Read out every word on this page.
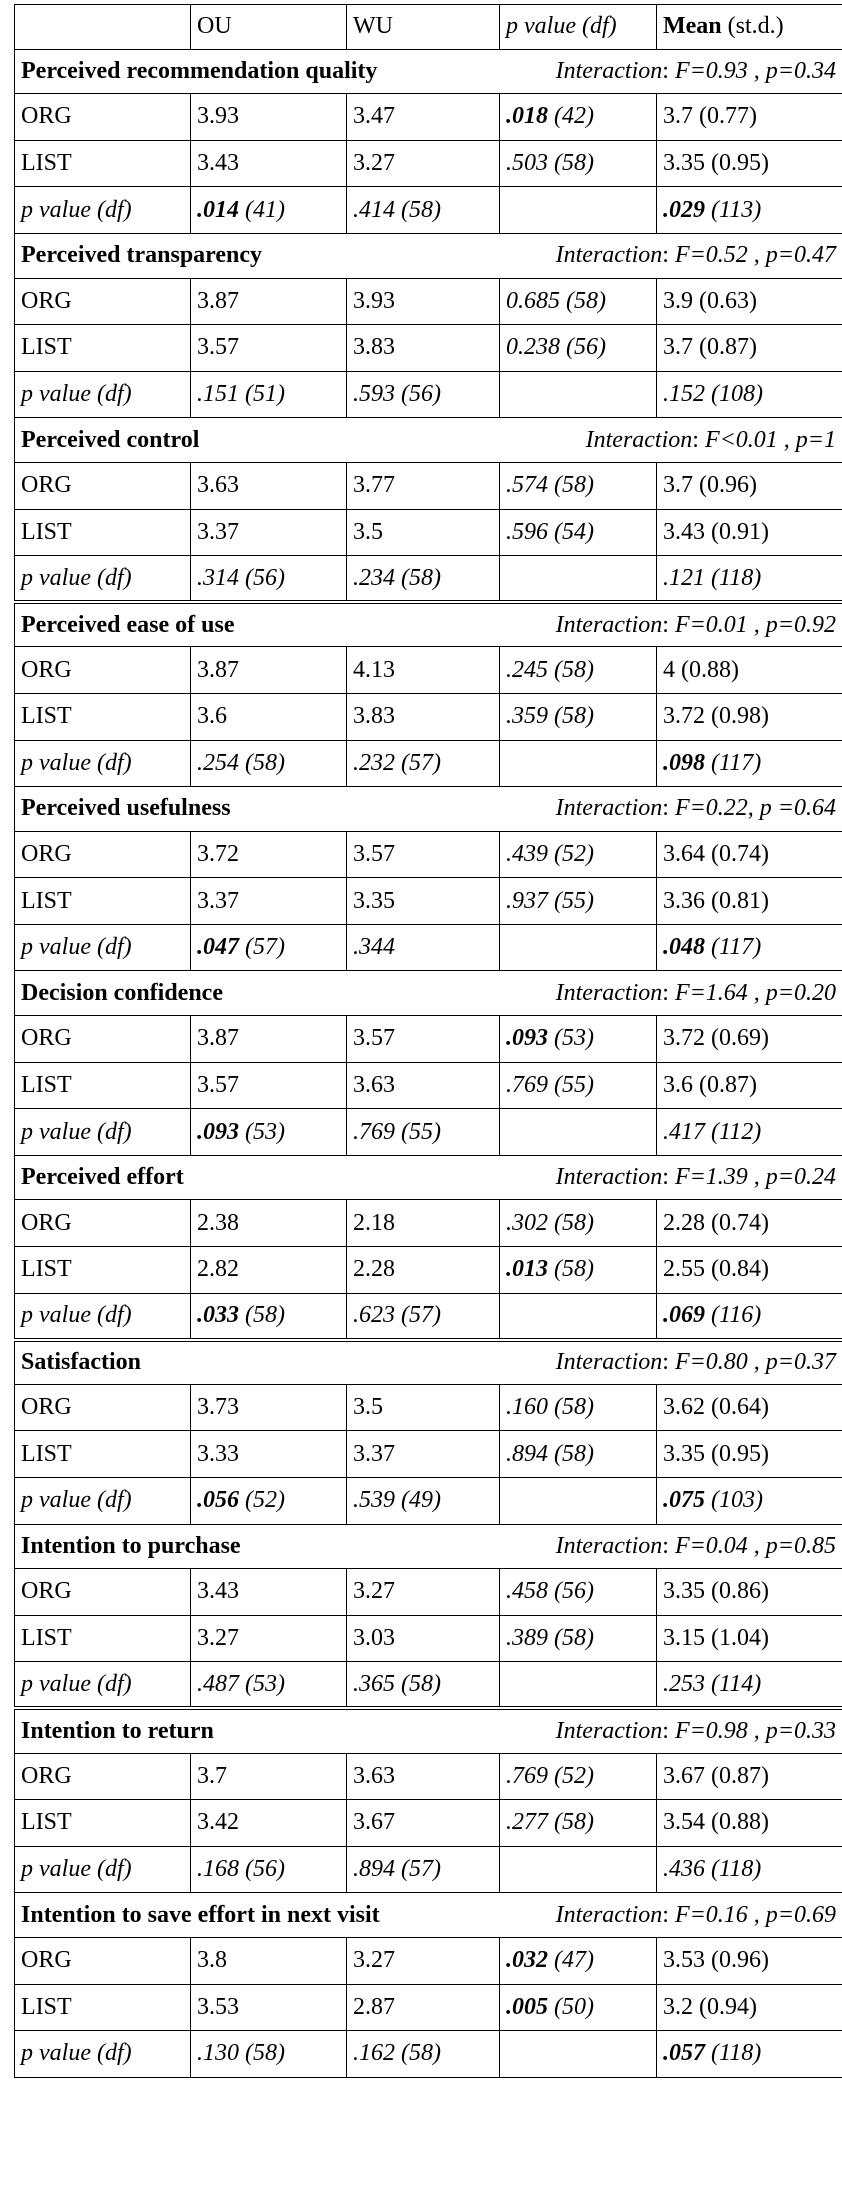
	OU	WU	p value (df)	Mean (st.d.)

Perceived recommendation quality Interaction: F=0.93 , p=0.34				

ORG	3.93	3.47	.018 (42)	3.7 (0.77)
LIST	3.43	3.27	.503 (58)	3.35 (0.95)
p value (df)	.014 (41)	.414 (58)		.029 (113)

Perceived transparency Interaction: F=0.52 , p=0.47				

ORG	3.87	3.93	0.685 (58)	3.9 (0.63)
LIST	3.57	3.83	0.238 (56)	3.7 (0.87)
p value (df)	.151 (51)	.593 (56)		.152 (108)

Perceived control Interaction: F<0.01 , p=1				

ORG	3.63	3.77	.574 (58)	3.7 (0.96)
LIST	3.37	3.5	.596 (54)	3.43 (0.91)
p value (df)	.314 (56)	.234 (58)		.121 (118)

Perceived ease of use Interaction: F=0.01 , p=0.92				

ORG	3.87	4.13	.245 (58)	4 (0.88)
LIST	3.6	3.83	.359 (58)	3.72 (0.98)
p value (df)	.254 (58)	.232 (57)		.098 (117)

Perceived usefulness Interaction: F=0.22, p =0.64				

ORG	3.72	3.57	.439 (52)	3.64 (0.74)
LIST	3.37	3.35	.937 (55)	3.36 (0.81)
p value (df)	.047 (57)	.344		.048 (117)

Decision confidence Interaction: F=1.64 , p=0.20				

ORG	3.87	3.57	.093 (53)	3.72 (0.69)
LIST	3.57	3.63	.769 (55)	3.6 (0.87)
p value (df)	.093 (53)	.769 (55)		.417 (112)

Perceived effort Interaction: F=1.39 , p=0.24				

ORG	2.38	2.18	.302 (58)	2.28 (0.74)
LIST	2.82	2.28	.013 (58)	2.55 (0.84)
p value (df)	.033 (58)	.623 (57)		.069 (116)

Satisfaction Interaction: F=0.80 , p=0.37				

ORG	3.73	3.5	.160 (58)	3.62 (0.64)
LIST	3.33	3.37	.894 (58)	3.35 (0.95)
p value (df)	.056 (52)	.539 (49)		.075 (103)

Intention to purchase Interaction: F=0.04 , p=0.85				

ORG	3.43	3.27	.458 (56)	3.35 (0.86)
LIST	3.27	3.03	.389 (58)	3.15 (1.04)
p value (df)	.487 (53)	.365 (58)		.253 (114)

Intention to return Interaction: F=0.98 , p=0.33				

ORG	3.7	3.63	.769 (52)	3.67 (0.87)
LIST	3.42	3.67	.277 (58)	3.54 (0.88)
p value (df)	.168 (56)	.894 (57)		.436 (118)

Intention to save effort in next visit Interaction: F=0.16 , p=0.69				

ORG	3.8	3.27	.032 (47)	3.53 (0.96)
LIST	3.53	2.87	.005 (50)	3.2 (0.94)
p value (df)	.130 (58)	.162 (58)		.057 (118)
